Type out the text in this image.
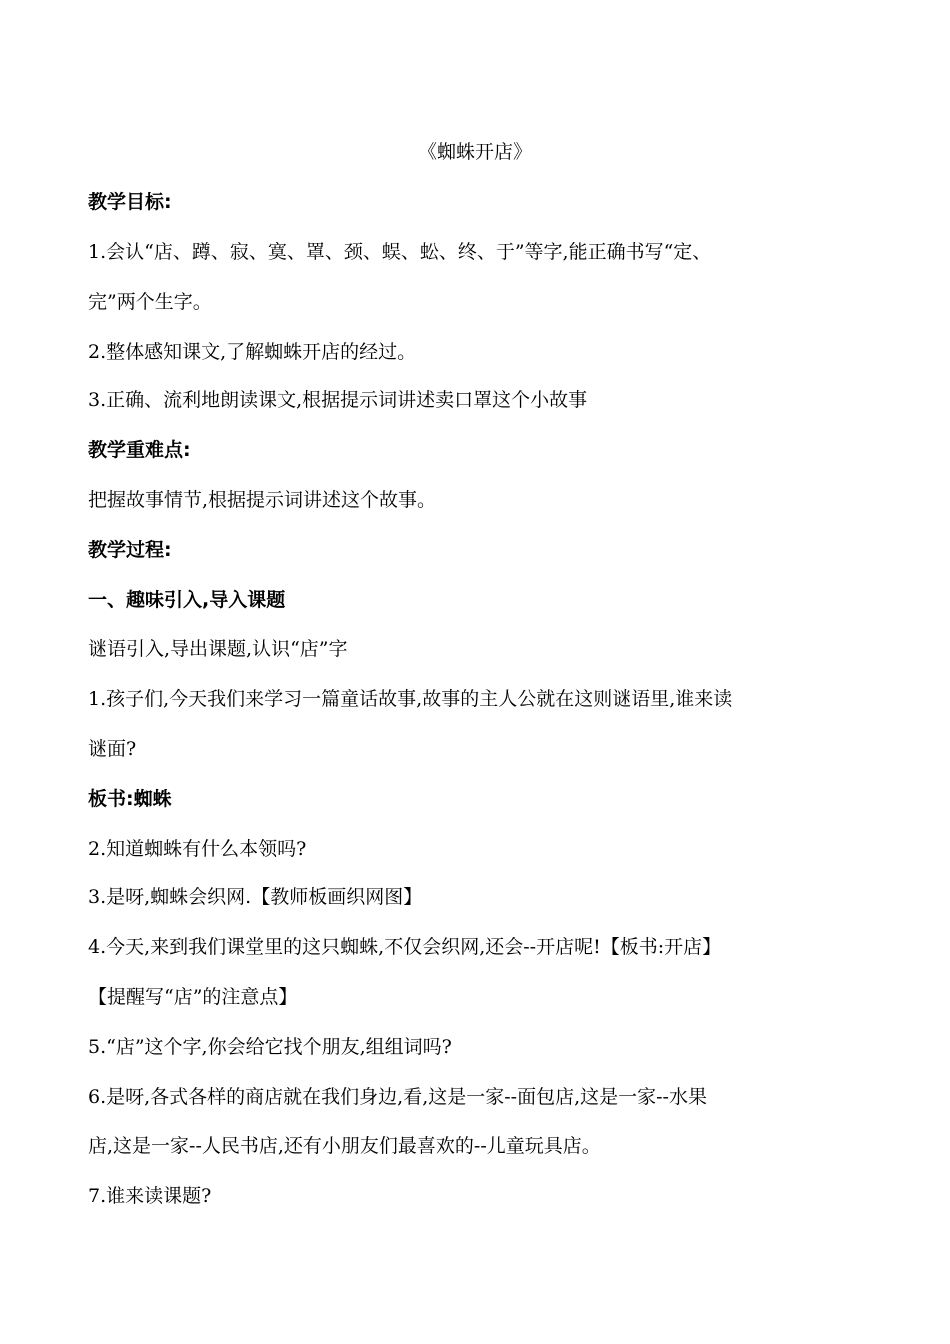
《蜘蛛开店》
教学目标:
1.会认“店、蹲、寂、寞、罩、颈、蜈、蚣、终、于”等字,能正确书写“定、
完”两个生字。
2.整体感知课文,了解蜘蛛开店的经过。
3.正确、流利地朗读课文,根据提示词讲述卖口罩这个小故事
教学重难点:
把握故事情节,根据提示词讲述这个故事。
教学过程:
一、趣味引入,导入课题
谜语引入,导出课题,认识“店”字
1.孩子们,今天我们来学习一篇童话故事,故事的主人公就在这则谜语里,谁来读
谜面?
板书:蜘蛛
2.知道蜘蛛有什么本领吗?
3.是呀,蜘蛛会织网.【教师板画织网图】
4.今天,来到我们课堂里的这只蜘蛛,不仅会织网,还会--开店呢!【板书:开店】
【提醒写“店”的注意点】
5.“店”这个字,你会给它找个朋友,组组词吗?
6.是呀,各式各样的商店就在我们身边,看,这是一家--面包店,这是一家--水果
店,这是一家--人民书店,还有小朋友们最喜欢的--儿童玩具店。
7.谁来读课题?
